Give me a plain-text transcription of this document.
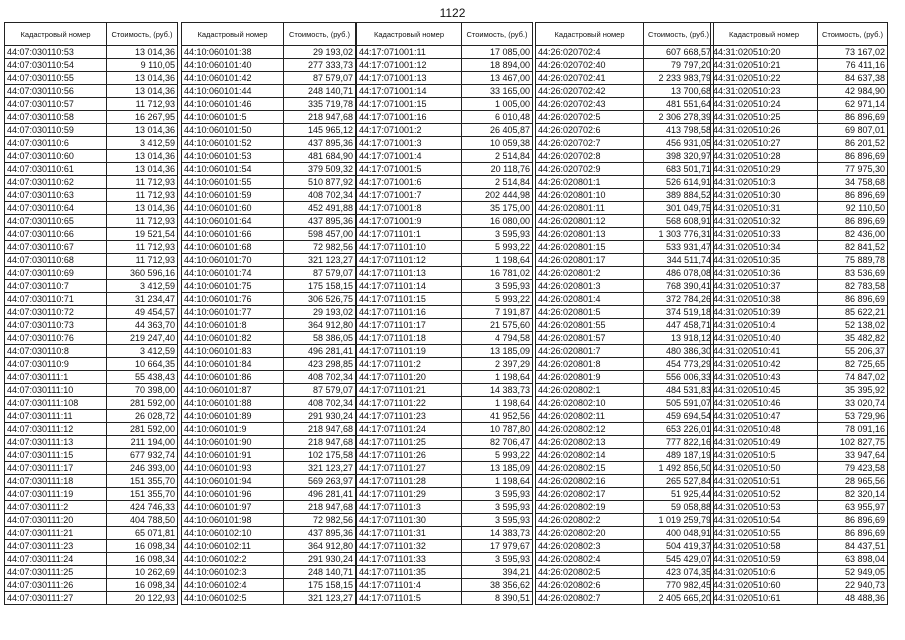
1122
Кадастровый номер	Стоимость, (руб.)
44:07:030110:53	13 014,36
44:07:030110:54	9 110,05
44:07:030110:55	13 014,36
44:07:030110:56	13 014,36
44:07:030110:57	11 712,93
44:07:030110:58	16 267,95
44:07:030110:59	13 014,36
44:07:030110:6	3 412,59
44:07:030110:60	13 014,36
44:07:030110:61	13 014,36
44:07:030110:62	11 712,93
44:07:030110:63	11 712,93
44:07:030110:64	13 014,36
44:07:030110:65	11 712,93
44:07:030110:66	19 521,54
44:07:030110:67	11 712,93
44:07:030110:68	11 712,93
44:07:030110:69	360 596,16
44:07:030110:7	3 412,59
44:07:030110:71	31 234,47
44:07:030110:72	49 454,57
44:07:030110:73	44 363,70
44:07:030110:76	219 247,40
44:07:030110:8	3 412,59
44:07:030110:9	10 664,35
44:07:030111:1	55 438,43
44:07:030111:10	70 398,00
44:07:030111:108	281 592,00
44:07:030111:11	26 028,72
44:07:030111:12	281 592,00
44:07:030111:13	211 194,00
44:07:030111:15	677 932,74
44:07:030111:17	246 393,00
44:07:030111:18	151 355,70
44:07:030111:19	151 355,70
44:07:030111:2	424 746,33
44:07:030111:20	404 788,50
44:07:030111:21	65 071,81
44:07:030111:23	16 098,34
44:07:030111:24	16 098,34
44:07:030111:25	10 262,69
44:07:030111:26	16 098,34
44:07:030111:27	20 122,93
Кадастровый номер	Стоимость, (руб.)
44:10:060101:38	29 193,02
44:10:060101:40	277 333,73
44:10:060101:42	87 579,07
44:10:060101:44	248 140,71
44:10:060101:46	335 719,78
44:10:060101:5	218 947,68
44:10:060101:50	145 965,12
44:10:060101:52	437 895,36
44:10:060101:53	481 684,90
44:10:060101:54	379 509,32
44:10:060101:55	510 877,92
44:10:060101:59	408 702,34
44:10:060101:60	452 491,88
44:10:060101:64	437 895,36
44:10:060101:66	598 457,00
44:10:060101:68	72 982,56
44:10:060101:70	321 123,27
44:10:060101:74	87 579,07
44:10:060101:75	175 158,15
44:10:060101:76	306 526,75
44:10:060101:77	29 193,02
44:10:060101:8	364 912,80
44:10:060101:82	58 386,05
44:10:060101:83	496 281,41
44:10:060101:84	423 298,85
44:10:060101:86	408 702,34
44:10:060101:87	87 579,07
44:10:060101:88	408 702,34
44:10:060101:89	291 930,24
44:10:060101:9	218 947,68
44:10:060101:90	218 947,68
44:10:060101:91	102 175,58
44:10:060101:93	321 123,27
44:10:060101:94	569 263,97
44:10:060101:96	496 281,41
44:10:060101:97	218 947,68
44:10:060101:98	72 982,56
44:10:060102:10	437 895,36
44:10:060102:11	364 912,80
44:10:060102:2	291 930,24
44:10:060102:3	248 140,71
44:10:060102:4	175 158,15
44:10:060102:5	321 123,27
Кадастровый номер	Стоимость, (руб.)
44:17:071001:11	17 085,00
44:17:071001:12	18 894,00
44:17:071001:13	13 467,00
44:17:071001:14	33 165,00
44:17:071001:15	1 005,00
44:17:071001:16	6 010,48
44:17:071001:2	26 405,87
44:17:071001:3	10 059,38
44:17:071001:4	2 514,84
44:17:071001:5	20 118,76
44:17:071001:6	2 514,84
44:17:071001:7	202 444,98
44:17:071001:8	35 175,00
44:17:071001:9	16 080,00
44:17:071101:1	3 595,93
44:17:071101:10	5 993,22
44:17:071101:12	1 198,64
44:17:071101:13	16 781,02
44:17:071101:14	3 595,93
44:17:071101:15	5 993,22
44:17:071101:16	7 191,87
44:17:071101:17	21 575,60
44:17:071101:18	4 794,58
44:17:071101:19	13 185,09
44:17:071101:2	2 397,29
44:17:071101:20	1 198,64
44:17:071101:21	14 383,73
44:17:071101:22	1 198,64
44:17:071101:23	41 952,56
44:17:071101:24	10 787,80
44:17:071101:25	82 706,47
44:17:071101:26	5 993,22
44:17:071101:27	13 185,09
44:17:071101:28	1 198,64
44:17:071101:29	3 595,93
44:17:071101:3	3 595,93
44:17:071101:30	3 595,93
44:17:071101:31	14 383,73
44:17:071101:32	17 979,67
44:17:071101:33	3 595,93
44:17:071101:35	394,21
44:17:071101:4	38 356,62
44:17:071101:5	8 390,51
Кадастровый номер	Стоимость, (руб.)
44:26:020702:4	607 668,57
44:26:020702:40	79 797,20
44:26:020702:41	2 233 983,79
44:26:020702:42	13 700,68
44:26:020702:43	481 551,64
44:26:020702:5	2 306 278,39
44:26:020702:6	413 798,58
44:26:020702:7	456 931,05
44:26:020702:8	398 320,97
44:26:020702:9	683 501,71
44:26:020801:1	526 614,91
44:26:020801:10	389 884,52
44:26:020801:11	301 049,75
44:26:020801:12	568 608,91
44:26:020801:13	1 303 776,31
44:26:020801:15	533 931,47
44:26:020801:17	344 511,74
44:26:020801:2	486 078,08
44:26:020801:3	768 390,41
44:26:020801:4	372 784,26
44:26:020801:5	374 519,18
44:26:020801:55	447 458,71
44:26:020801:57	13 918,12
44:26:020801:7	480 386,30
44:26:020801:8	454 773,29
44:26:020801:9	556 006,33
44:26:020802:1	484 531,83
44:26:020802:10	505 591,07
44:26:020802:11	459 694,54
44:26:020802:12	653 226,01
44:26:020802:13	777 822,16
44:26:020802:14	489 187,19
44:26:020802:15	1 492 856,50
44:26:020802:16	265 527,84
44:26:020802:17	51 925,44
44:26:020802:19	59 058,88
44:26:020802:2	1 019 259,79
44:26:020802:20	400 048,91
44:26:020802:3	504 419,37
44:26:020802:4	545 429,07
44:26:020802:5	423 074,35
44:26:020802:6	770 982,45
44:26:020802:7	2 405 665,20
Кадастровый номер	Стоимость, (руб.)
44:31:020510:20	73 167,02
44:31:020510:21	76 411,16
44:31:020510:22	84 637,38
44:31:020510:23	42 984,90
44:31:020510:24	62 971,14
44:31:020510:25	86 896,69
44:31:020510:26	69 807,01
44:31:020510:27	86 201,52
44:31:020510:28	86 896,69
44:31:020510:29	77 975,30
44:31:020510:3	34 758,68
44:31:020510:30	86 896,69
44:31:020510:31	92 110,50
44:31:020510:32	86 896,69
44:31:020510:33	82 436,00
44:31:020510:34	82 841,52
44:31:020510:35	75 889,78
44:31:020510:36	83 536,69
44:31:020510:37	82 783,58
44:31:020510:38	86 896,69
44:31:020510:39	85 622,21
44:31:020510:4	52 138,02
44:31:020510:40	35 482,82
44:31:020510:41	55 206,37
44:31:020510:42	82 725,65
44:31:020510:43	74 847,02
44:31:020510:45	35 395,92
44:31:020510:46	33 020,74
44:31:020510:47	53 729,96
44:31:020510:48	78 091,16
44:31:020510:49	102 827,75
44:31:020510:5	33 947,64
44:31:020510:50	79 423,58
44:31:020510:51	28 965,56
44:31:020510:52	82 320,14
44:31:020510:53	63 955,97
44:31:020510:54	86 896,69
44:31:020510:55	86 896,69
44:31:020510:58	84 437,51
44:31:020510:59	63 898,04
44:31:020510:6	52 949,05
44:31:020510:60	22 940,73
44:31:020510:61	48 488,36
